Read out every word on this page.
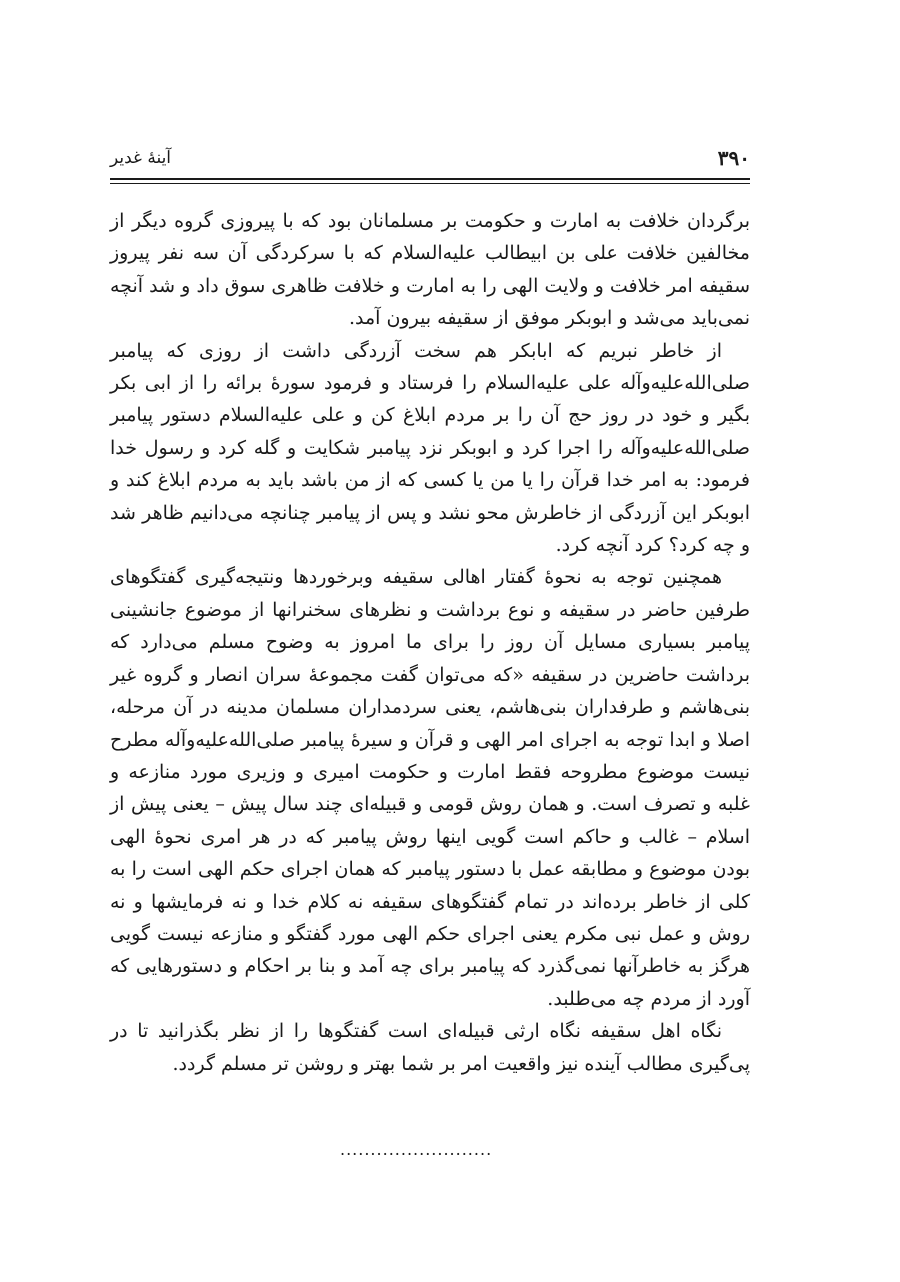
۳۹۰
آینهٔ غدیر

برگردان خلافت به امارت و حکومت بر مسلمانان بود که با پیروزی گروه دیگر از مخالفین خلافت علی بن ابیطالب علیه‌السلام که با سرکردگی آن سه نفر پیروز سقیفه امر خلافت و ولایت الهی را به امارت و خلافت ظاهری سوق داد و شد آنچه نمی‌باید می‌شد و ابوبکر موفق از سقیفه بیرون آمد.

از خاطر نبریم که ابابکر هم سخت آزردگی داشت از روزی که پیامبر صلی‌الله‌علیه‌وآله علی علیه‌السلام را فرستاد و فرمود سورهٔ برائه را از ابی بکر بگیر و خود در روز حج آن را بر مردم ابلاغ کن و علی علیه‌السلام دستور پیامبر صلی‌الله‌علیه‌وآله را اجرا کرد و ابوبکر نزد پیامبر شکایت و گله کرد و رسول خدا فرمود: به امر خدا قرآن را یا من یا کسی که از من باشد باید به مردم ابلاغ کند و ابوبکر این آزردگی از خاطرش محو نشد و پس از پیامبر چنانچه می‌دانیم ظاهر شد و چه کرد؟ کرد آنچه کرد.

همچنین توجه به نحوهٔ گفتار اهالی سقیفه وبرخوردها ونتیجه‌گیری گفتگوهای طرفین حاضر در سقیفه و نوع برداشت و نظرهای سخنرانها از موضوع جانشینی پیامبر بسیاری مسایل آن روز را برای ما امروز به وضوح مسلم می‌دارد که برداشت حاضرین در سقیفه «که می‌توان گفت مجموعهٔ سران انصار و گروه غیر بنی‌هاشم و طرفداران بنی‌هاشم، یعنی سردمداران مسلمان مدینه در آن مرحله، اصلا و ابدا توجه به اجرای امر الهی و قرآن و سیرهٔ پیامبر صلی‌الله‌علیه‌وآله مطرح نیست موضوع مطروحه فقط امارت و حکومت امیری و وزیری مورد منازعه و غلبه و تصرف است. و همان روش قومی و قبیله‌ای چند سال پیش – یعنی پیش از اسلام – غالب و حاکم است گویی اینها روش پیامبر که در هر امری نحوهٔ الهی بودن موضوع و مطابقه عمل با دستور پیامبر که همان اجرای حکم الهی است را به کلی از خاطر برده‌اند در تمام گفتگوهای سقیفه نه کلام خدا و نه فرمایشها و نه روش و عمل نبی مکرم یعنی اجرای حکم الهی مورد گفتگو و منازعه نیست گویی هرگز به خاطرآنها نمی‌گذرد که پیامبر برای چه آمد و بنا بر احکام و دستورهایی که آورد از مردم چه می‌طلبد.

نگاه اهل سقیفه نگاه ارثی قبیله‌ای است گفتگوها را از نظر بگذرانید تا در پی‌گیری مطالب آینده نیز واقعیت امر بر شما بهتر و روشن تر مسلم گردد.

.........................
